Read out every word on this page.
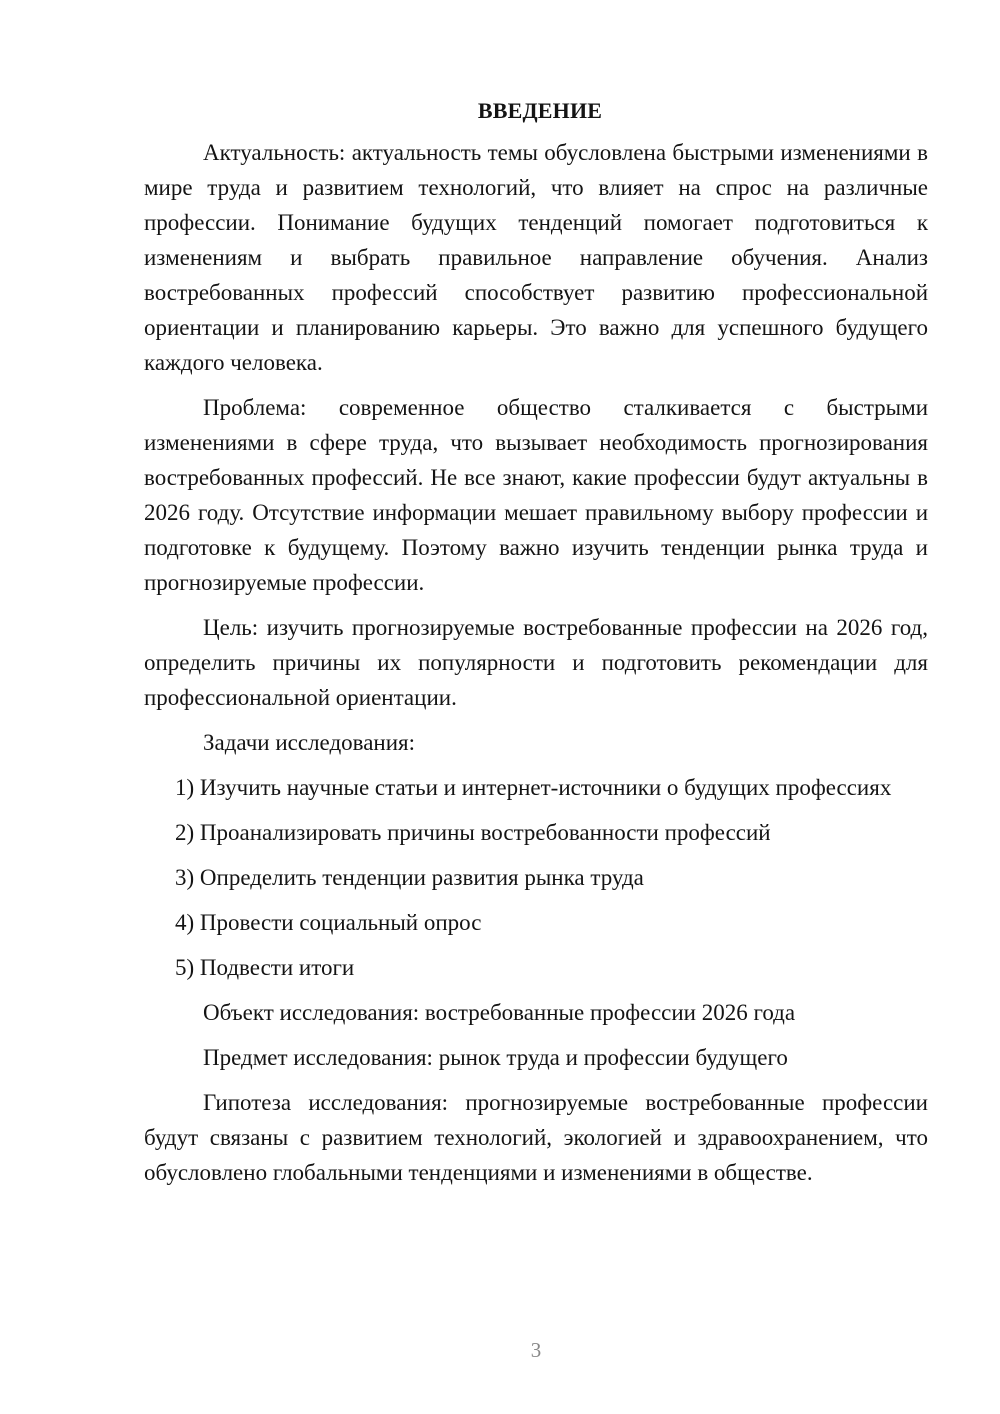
ВВЕДЕНИЕ

Актуальность: актуальность темы обусловлена быстрыми изменениями в мире труда и развитием технологий, что влияет на спрос на различные профессии. Понимание будущих тенденций помогает подготовиться к изменениям и выбрать правильное направление обучения. Анализ востребованных профессий способствует развитию профессиональной ориентации и планированию карьеры. Это важно для успешного будущего каждого человека.

Проблема: современное общество сталкивается с быстрыми изменениями в сфере труда, что вызывает необходимость прогнозирования востребованных профессий. Не все знают, какие профессии будут актуальны в 2026 году. Отсутствие информации мешает правильному выбору профессии и подготовке к будущему. Поэтому важно изучить тенденции рынка труда и прогнозируемые профессии.

Цель: изучить прогнозируемые востребованные профессии на 2026 год, определить причины их популярности и подготовить рекомендации для профессиональной ориентации.

Задачи исследования:

1) Изучить научные статьи и интернет-источники о будущих профессиях

2) Проанализировать причины востребованности профессий

3) Определить тенденции развития рынка труда

4) Провести социальный опрос

5) Подвести итоги

Объект исследования: востребованные профессии 2026 года

Предмет исследования: рынок труда и профессии будущего

Гипотеза исследования: прогнозируемые востребованные профессии будут связаны с развитием технологий, экологией и здравоохранением, что обусловлено глобальными тенденциями и изменениями в обществе.

3
